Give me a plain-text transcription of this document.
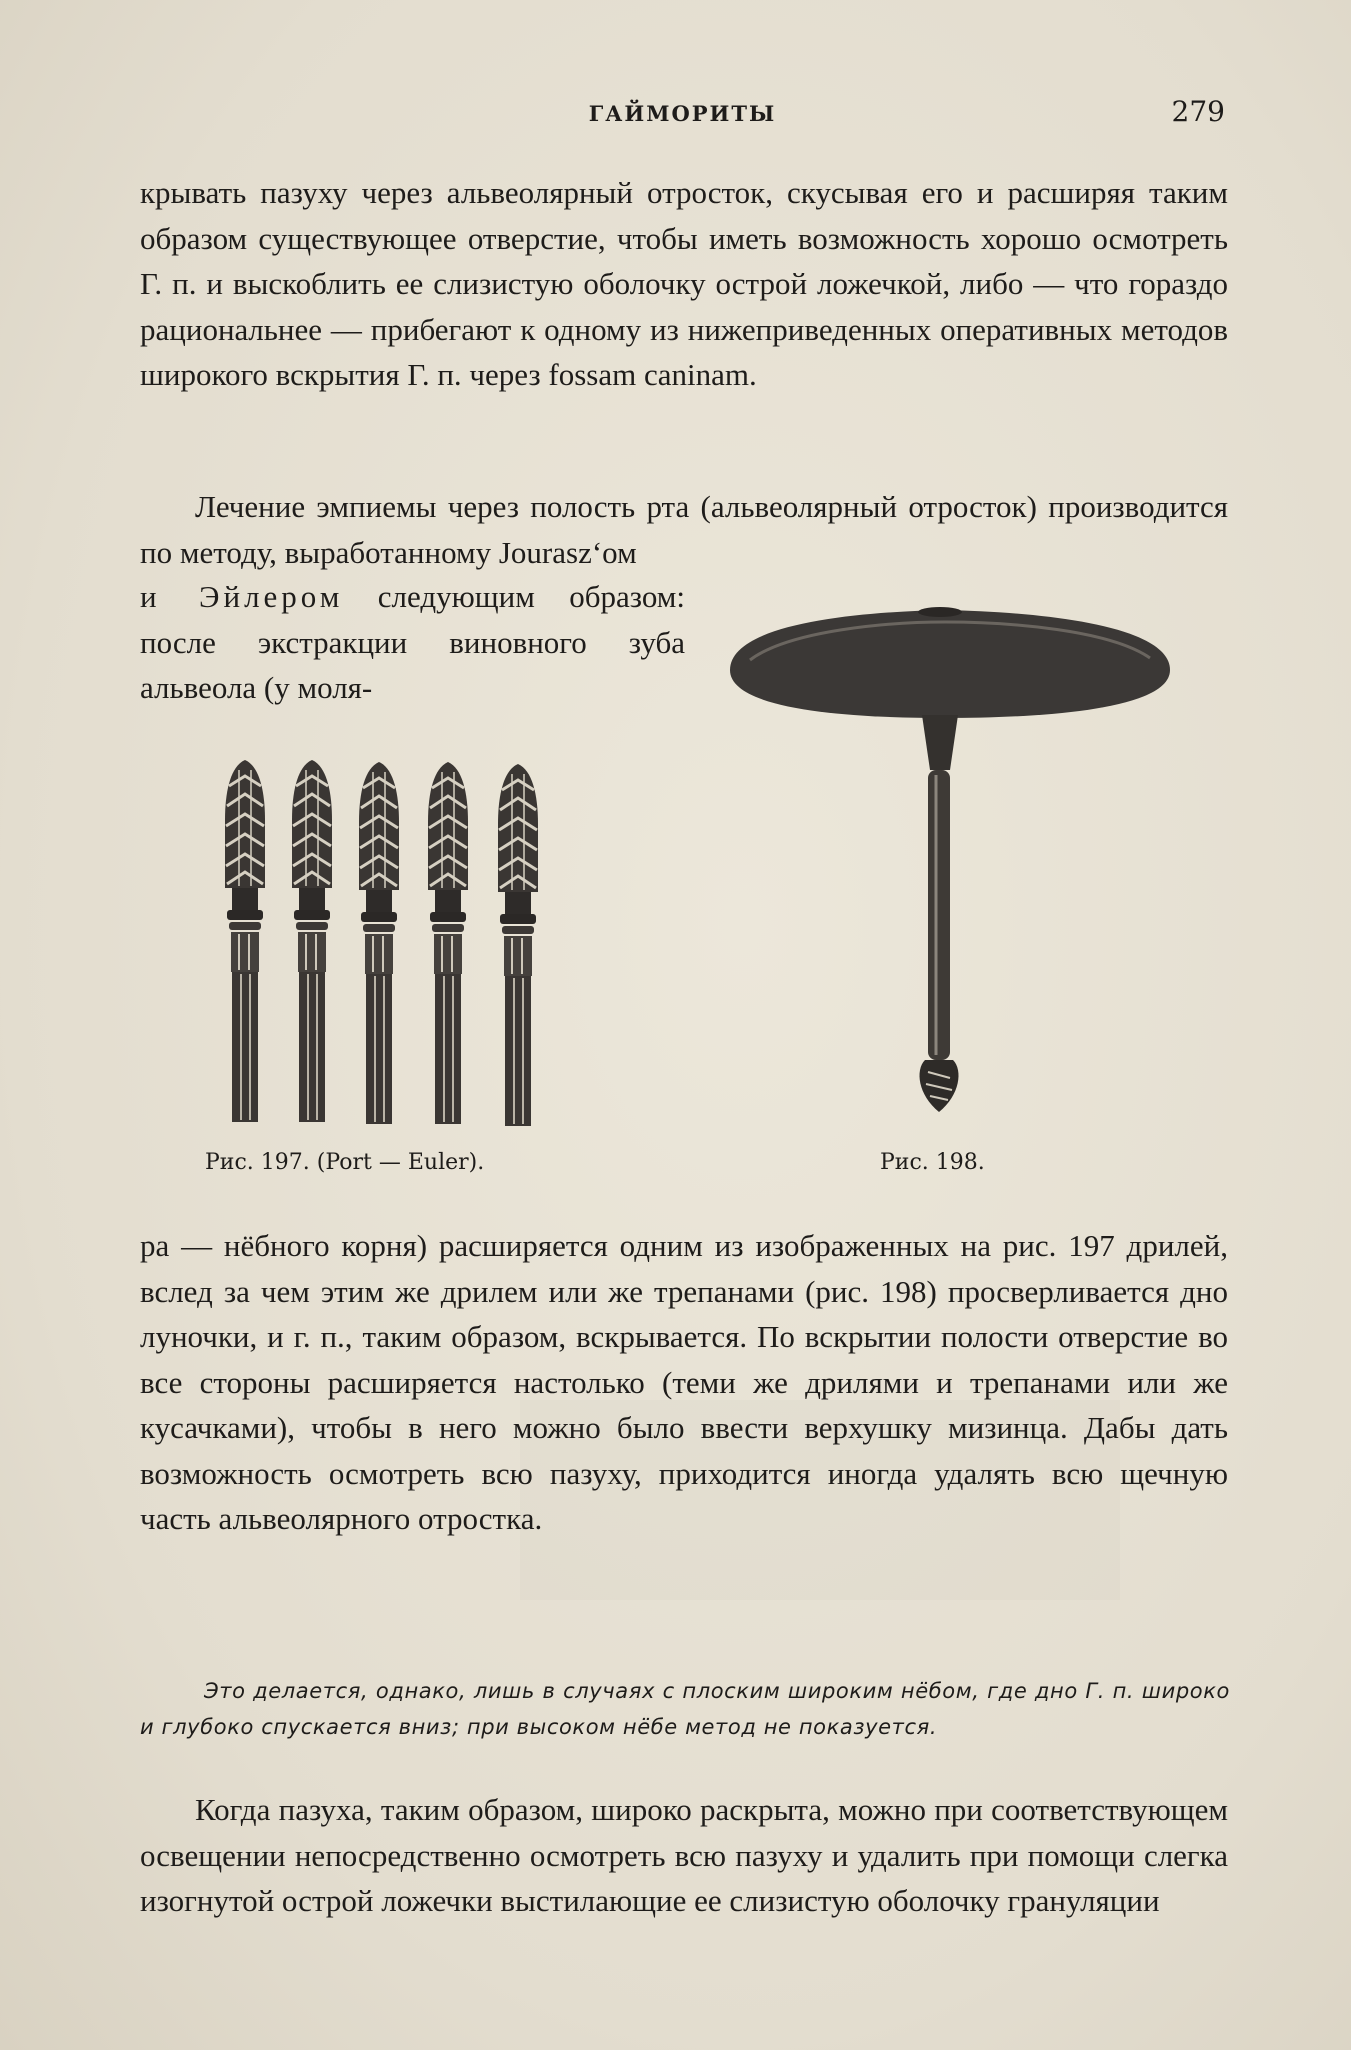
ГАЙМОРИТЫ	279

крывать пазуху через альвеолярный отросток, скусывая его и расширяя таким образом существующее отверстие, чтобы иметь возможность хорошо осмотреть Г. п. и выскоблить ее слизистую оболочку острой ложечкой, либо — что гораздо рационaльнее — прибегают к одному из нижеприведенных оперативных методов широкого вскрытия Г. п. через fossam caninam.

Лечение эмпиемы через полость рта (альвеолярный отросток) производится по методу, выработанному Jourasz‘ом

и Эйлером следующим образом: после экстракции виновного зуба альвеола (у моля-

Рис. 197. (Port — Euler).	Рис. 198.

ра — нёбного корня) расширяется одним из изображенных на рис. 197 дрилей, вслед за чем этим же дрилем или же трепанами (рис. 198) просверливается дно луночки, и г. п., таким образом, вскрывается. По вскрытии полости отверстие во все стороны расширяется настолько (теми же дрилями и трепанами или же кусачками), чтобы в него можно было ввести верхушку мизинца. Дабы дать возможность осмотреть всю пазуху, приходится иногда удалять всю щечную часть альвеолярного отростка.

Это делается, однако, лишь в случаях с плоским широким нёбом, где дно Г. п. широко и глубоко спускается вниз; при высоком нёбе метод не показуется.

Когда пазуха, таким образом, широко раскрыта, можно при соответствующем освещении непосредственно осмотреть всю пазуху и удалить при помощи слегка изогнутой острой ложечки выстилающие ее слизистую оболочку грануляции
